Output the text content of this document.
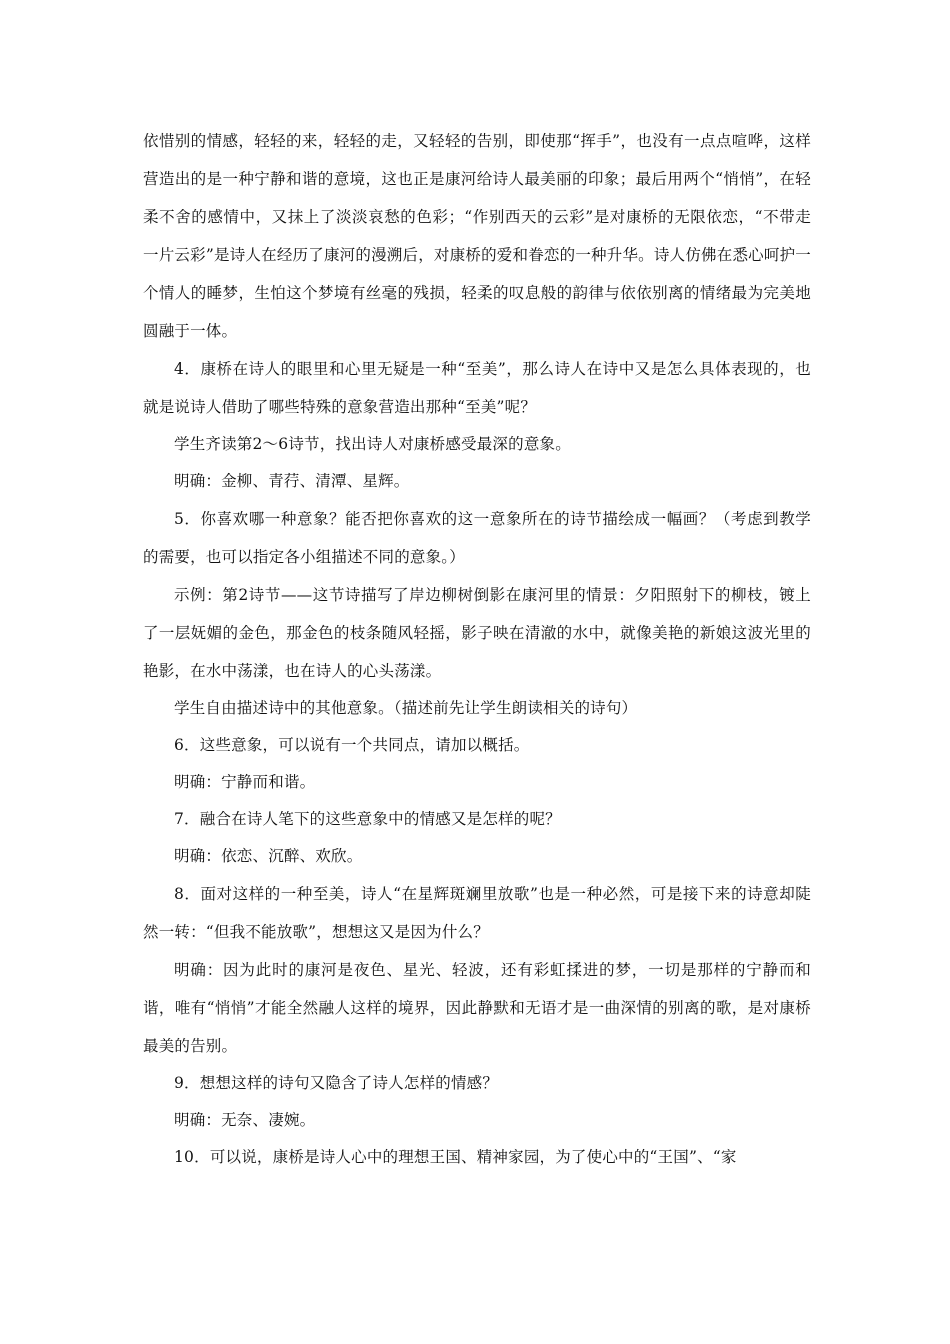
依惜别的情感，轻轻的来，轻轻的走，又轻轻的告别，即使那“挥手”，也没有一点点喧哗，这样营造出的是一种宁静和谐的意境，这也正是康河给诗人最美丽的印象；最后用两个“悄悄”，在轻柔不舍的感情中，又抹上了淡淡哀愁的色彩；“作别西天的云彩”是对康桥的无限依恋，“不带走一片云彩”是诗人在经历了康河的漫溯后，对康桥的爱和眷恋的一种升华。诗人仿佛在悉心呵护一个情人的睡梦，生怕这个梦境有丝毫的残损，轻柔的叹息般的韵律与依依别离的情绪最为完美地圆融于一体。

4．康桥在诗人的眼里和心里无疑是一种“至美”，那么诗人在诗中又是怎么具体表现的，也就是说诗人借助了哪些特殊的意象营造出那种“至美”呢？

学生齐读第2～6诗节，找出诗人对康桥感受最深的意象。

明确：金柳、青荇、清潭、星辉。

5．你喜欢哪一种意象？能否把你喜欢的这一意象所在的诗节描绘成一幅画？（考虑到教学的需要，也可以指定各小组描述不同的意象。）

示例：第2诗节——这节诗描写了岸边柳树倒影在康河里的情景：夕阳照射下的柳枝，镀上了一层妩媚的金色，那金色的枝条随风轻摇，影子映在清澈的水中，就像美艳的新娘这波光里的艳影，在水中荡漾，也在诗人的心头荡漾。

学生自由描述诗中的其他意象。（描述前先让学生朗读相关的诗句）

6．这些意象，可以说有一个共同点，请加以概括。

明确：宁静而和谐。

7．融合在诗人笔下的这些意象中的情感又是怎样的呢？

明确：依恋、沉醉、欢欣。

8．面对这样的一种至美，诗人“在星辉斑斓里放歌”也是一种必然，可是接下来的诗意却陡然一转：“但我不能放歌”，想想这又是因为什么？

明确：因为此时的康河是夜色、星光、轻波，还有彩虹揉进的梦，一切是那样的宁静而和谐，唯有“悄悄”才能全然融人这样的境界，因此静默和无语才是一曲深情的别离的歌，是对康桥最美的告别。

9．想想这样的诗句又隐含了诗人怎样的情感？

明确：无奈、凄婉。

10．可以说，康桥是诗人心中的理想王国、精神家园，为了使心中的“王国”、“家
